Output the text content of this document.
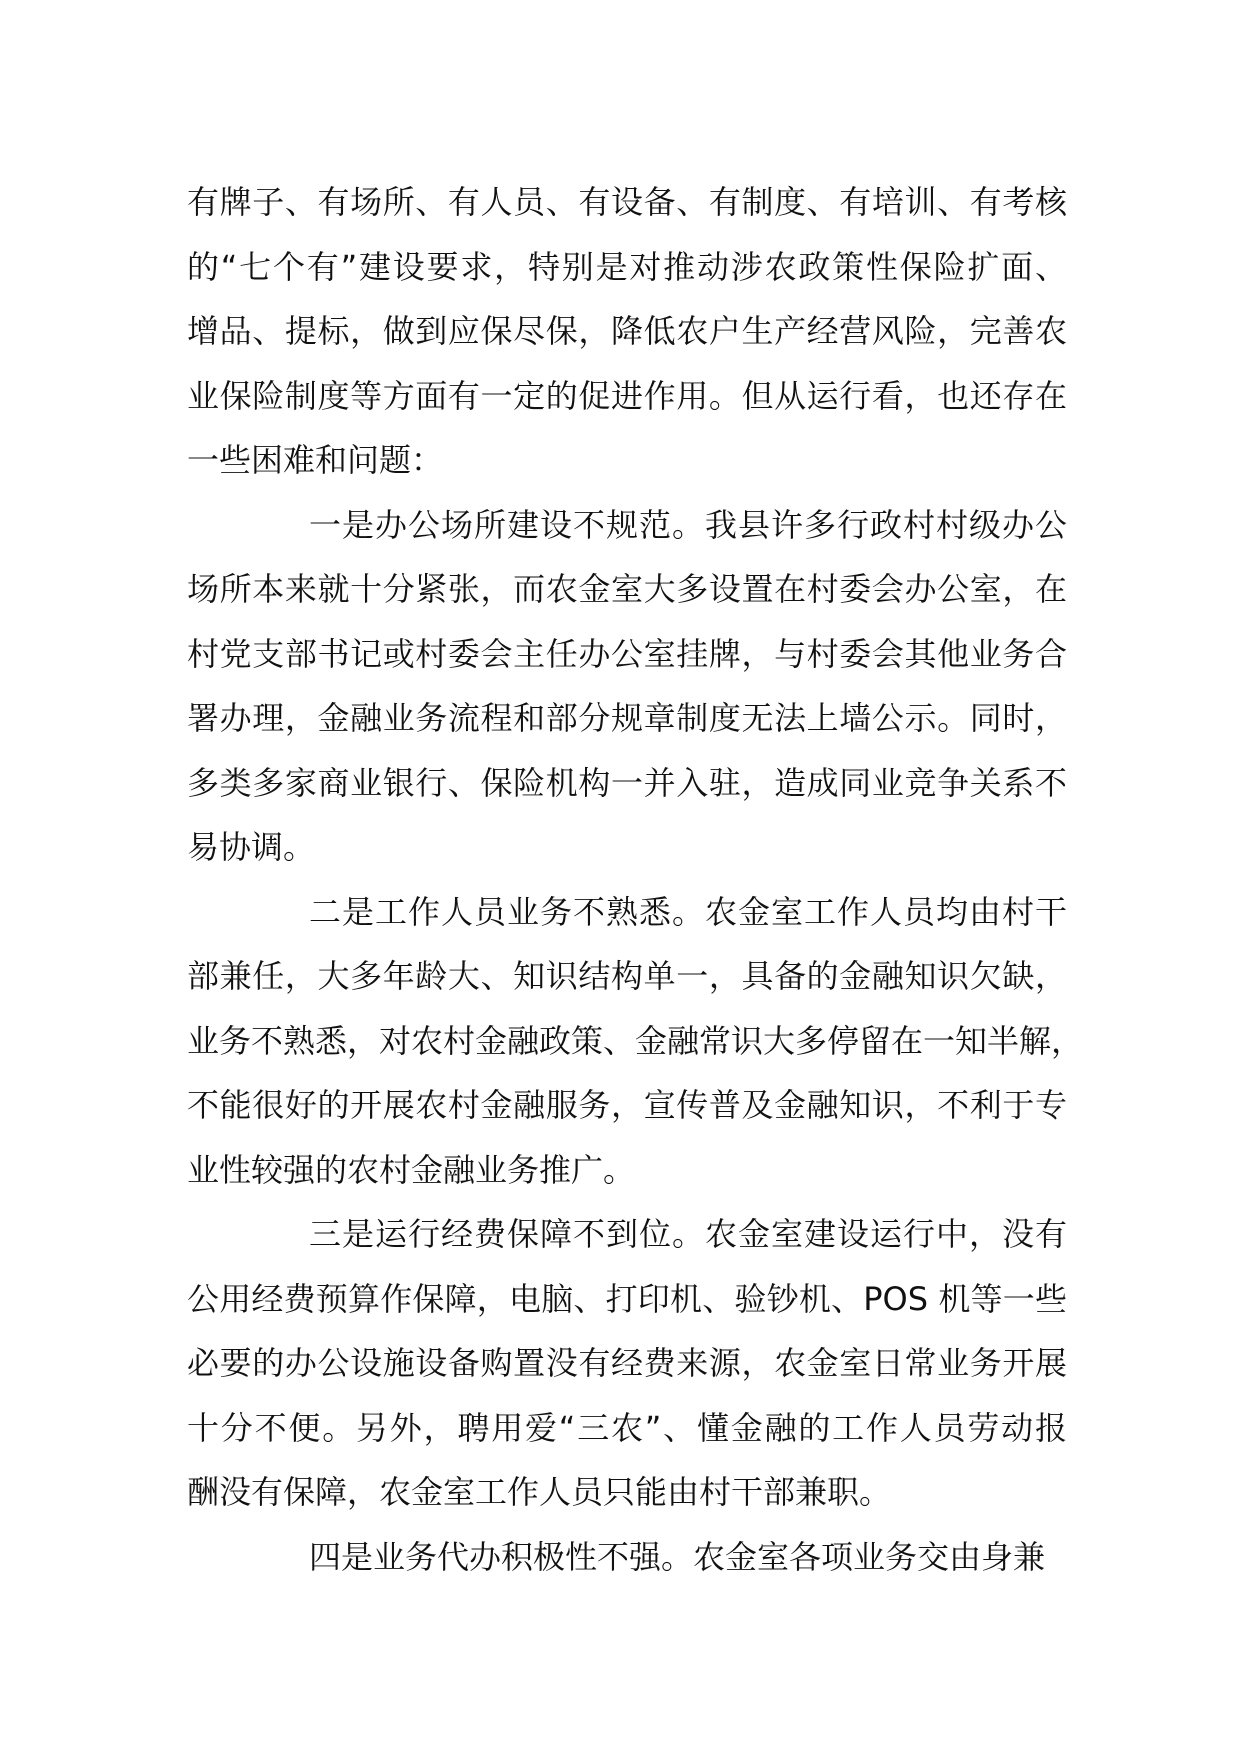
有牌子、有场所、有人员、有设备、有制度、有培训、有考核
的“七个有”建设要求，特别是对推动涉农政策性保险扩面、
增品、提标，做到应保尽保，降低农户生产经营风险，完善农
业保险制度等方面有一定的促进作用。但从运行看，也还存在
一些困难和问题：
一是办公场所建设不规范。我县许多行政村村级办公
场所本来就十分紧张，而农金室大多设置在村委会办公室，在
村党支部书记或村委会主任办公室挂牌，与村委会其他业务合
署办理，金融业务流程和部分规章制度无法上墙公示。同时，
多类多家商业银行、保险机构一并入驻，造成同业竞争关系不
易协调。
二是工作人员业务不熟悉。农金室工作人员均由村干
部兼任，大多年龄大、知识结构单一，具备的金融知识欠缺，
业务不熟悉，对农村金融政策、金融常识大多停留在一知半解，
不能很好的开展农村金融服务，宣传普及金融知识，不利于专
业性较强的农村金融业务推广。
三是运行经费保障不到位。农金室建设运行中，没有
公用经费预算作保障，电脑、打印机、验钞机、POS 机等一些
必要的办公设施设备购置没有经费来源，农金室日常业务开展
十分不便。另外，聘用爱“三农”、懂金融的工作人员劳动报
酬没有保障，农金室工作人员只能由村干部兼职。
四是业务代办积极性不强。农金室各项业务交由身兼
